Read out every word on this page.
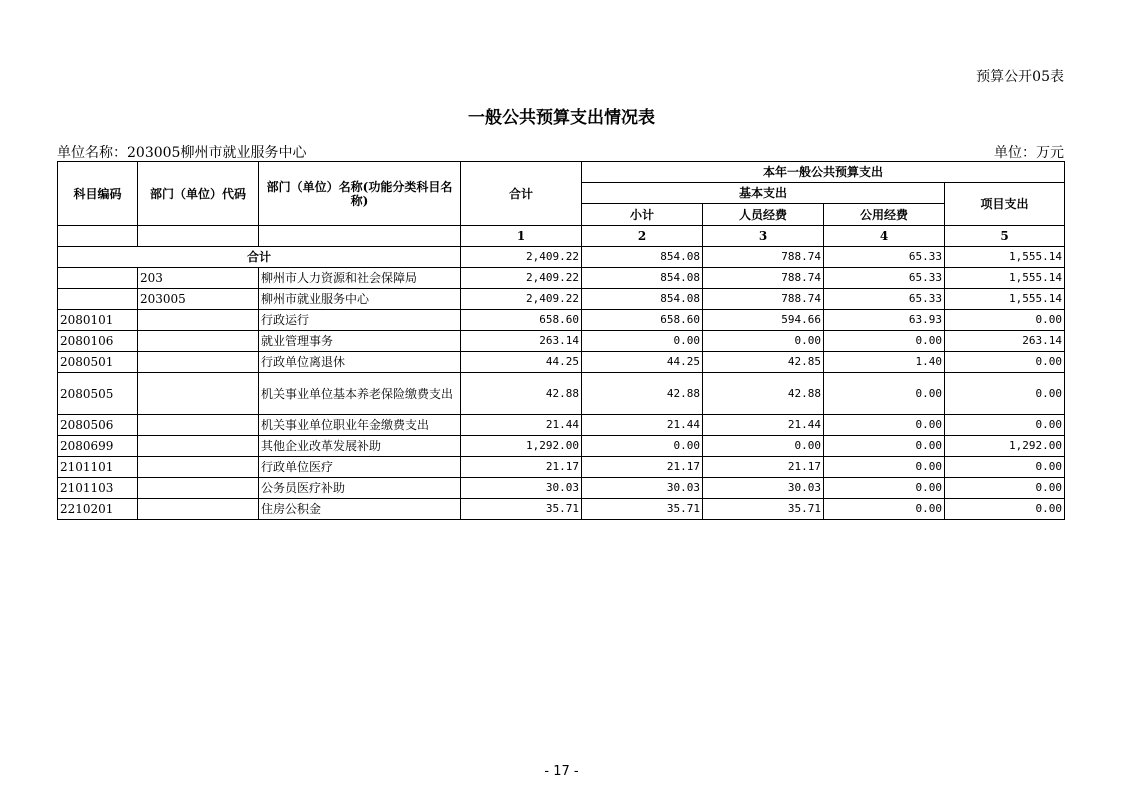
预算公开05表
一般公共预算支出情况表
单位名称：203005柳州市就业服务中心	单位：万元
科目编码	部门（单位）代码	部门（单位）名称(功能分类科目名称)	合计	本年一般公共预算支出			
				基本支出			项目支出
				小计	人员经费	公用经费	
			1	2	3	4	5
合计			2,409.22	854.08	788.74	65.33	1,555.14
	203	柳州市人力资源和社会保障局	2,409.22	854.08	788.74	65.33	1,555.14
	203005	柳州市就业服务中心	2,409.22	854.08	788.74	65.33	1,555.14
2080101		行政运行	658.60	658.60	594.66	63.93	0.00
2080106		就业管理事务	263.14	0.00	0.00	0.00	263.14
2080501		行政单位离退休	44.25	44.25	42.85	1.40	0.00
2080505		机关事业单位基本养老保险缴费支出	42.88	42.88	42.88	0.00	0.00
2080506		机关事业单位职业年金缴费支出	21.44	21.44	21.44	0.00	0.00
2080699		其他企业改革发展补助	1,292.00	0.00	0.00	0.00	1,292.00
2101101		行政单位医疗	21.17	21.17	21.17	0.00	0.00
2101103		公务员医疗补助	30.03	30.03	30.03	0.00	0.00
2210201		住房公积金	35.71	35.71	35.71	0.00	0.00
- 17 -
